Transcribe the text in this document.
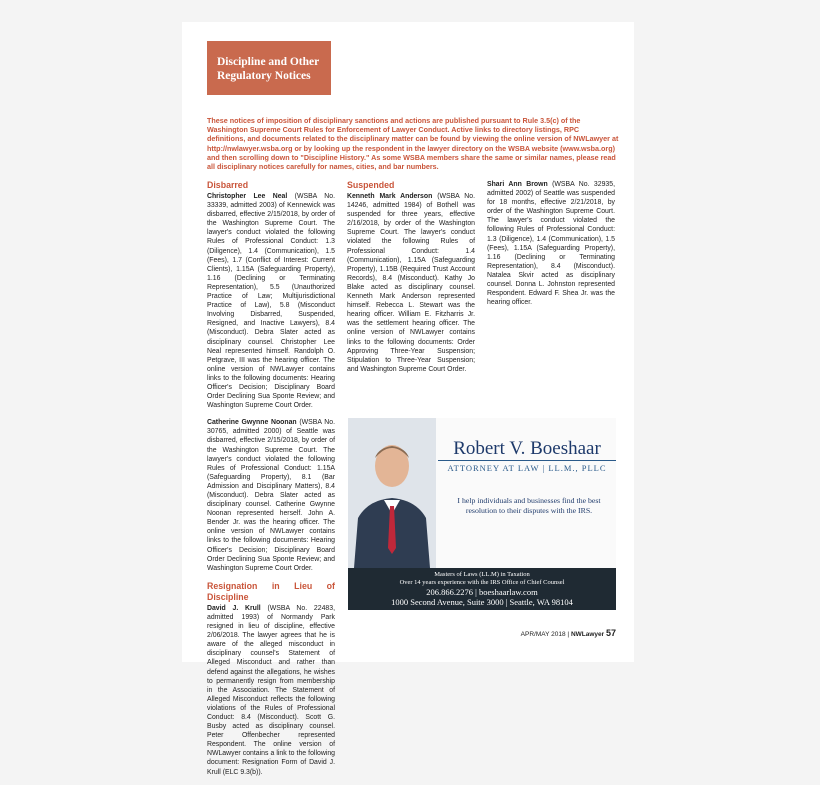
Discipline and Other
Regulatory Notices
These notices of imposition of disciplinary sanctions and actions are published pursuant to Rule 3.5(c) of the Washington Supreme Court Rules for Enforcement of Lawyer Conduct. Active links to directory listings, RPC definitions, and documents related to the disciplinary matter can be found by viewing the online version of NWLawyer at http://nwlawyer.wsba.org or by looking up the respondent in the lawyer directory on the WSBA website (www.wsba.org) and then scrolling down to "Discipline History." As some WSBA members share the same or similar names, please read all disciplinary notices carefully for names, cities, and bar numbers.
Disbarred

Christopher Lee Neal (WSBA No. 33339, admitted 2003) of Kennewick was disbarred, effective 2/15/2018, by order of the Washington Supreme Court. The lawyer's conduct violated the following Rules of Professional Conduct: 1.3 (Diligence), 1.4 (Communication), 1.5 (Fees), 1.7 (Conflict of Interest: Current Clients), 1.15A (Safeguarding Property), 1.16 (Declining or Terminating Representation), 5.5 (Unauthorized Practice of Law; Multijurisdictional Practice of Law), 5.8 (Misconduct Involving Disbarred, Suspended, Resigned, and Inactive Lawyers), 8.4 (Misconduct). Debra Slater acted as disciplinary counsel. Christopher Lee Neal represented himself. Randolph O. Petgrave, III was the hearing officer. The online version of NWLawyer contains links to the following documents: Hearing Officer's Decision; Disciplinary Board Order Declining Sua Sponte Review; and Washington Supreme Court Order.

Catherine Gwynne Noonan (WSBA No. 30765, admitted 2000) of Seattle was disbarred, effective 2/15/2018, by order of the Washington Supreme Court. The lawyer's conduct violated the following Rules of Professional Conduct: 1.15A (Safeguarding Property), 8.1 (Bar Admission and Disciplinary Matters), 8.4 (Misconduct). Debra Slater acted as disciplinary counsel. Catherine Gwynne Noonan represented herself. John A. Bender Jr. was the hearing officer. The online version of NWLawyer contains links to the following documents: Hearing Officer's Decision; Disciplinary Board Order Declining Sua Sponte Review; and Washington Supreme Court Order.

Resignation in Lieu of Discipline

David J. Krull (WSBA No. 22483, admitted 1993) of Normandy Park resigned in lieu of discipline, effective 2/06/2018. The lawyer agrees that he is aware of the alleged misconduct in disciplinary counsel's Statement of Alleged Misconduct and rather than defend against the allegations, he wishes to permanently resign from membership in the Association. The Statement of Alleged Misconduct reflects the following violations of the Rules of Professional Conduct: 8.4 (Misconduct). Scott G. Busby acted as disciplinary counsel. Peter Offenbecher represented Respondent. The online version of NWLawyer contains a link to the following document: Resignation Form of David J. Krull (ELC 9.3(b)).

Suspended

Kenneth Mark Anderson (WSBA No. 14246, admitted 1984) of Bothell was suspended for three years, effective 2/16/2018, by order of the Washington Supreme Court. The lawyer's conduct violated the following Rules of Professional Conduct: 1.4 (Communication), 1.15A (Safeguarding Property), 1.15B (Required Trust Account Records), 8.4 (Misconduct). Kathy Jo Blake acted as disciplinary counsel. Kenneth Mark Anderson represented himself. Rebecca L. Stewart was the hearing officer. William E. Fitzharris Jr. was the settlement hearing officer. The online version of NWLawyer contains links to the following documents: Order Approving Three-Year Suspension; Stipulation to Three-Year Suspension; and Washington Supreme Court Order.

Shari Ann Brown (WSBA No. 32935, admitted 2002) of Seattle was suspended for 18 months, effective 2/21/2018, by order of the Washington Supreme Court. The lawyer's conduct violated the following Rules of Professional Conduct: 1.3 (Diligence), 1.4 (Communication), 1.5 (Fees), 1.15A (Safeguarding Property), 1.16 (Declining or Terminating Representation), 8.4 (Misconduct). Natalea Skvir acted as disciplinary counsel. Donna L. Johnston represented Respondent. Edward F. Shea Jr. was the hearing officer.

Robert V. Boeshaar
ATTORNEY AT LAW | LL.M., PLLC
I help individuals and businesses find the best resolution to their disputes with the IRS.
Masters of Laws (LL.M) in Taxation
Over 14 years experience with the IRS Office of Chief Counsel
206.866.2276 | boeshaarlaw.com
1000 Second Avenue, Suite 3000 | Seattle, WA 98104
APR/MAY 2018 | NWLawyer 57
